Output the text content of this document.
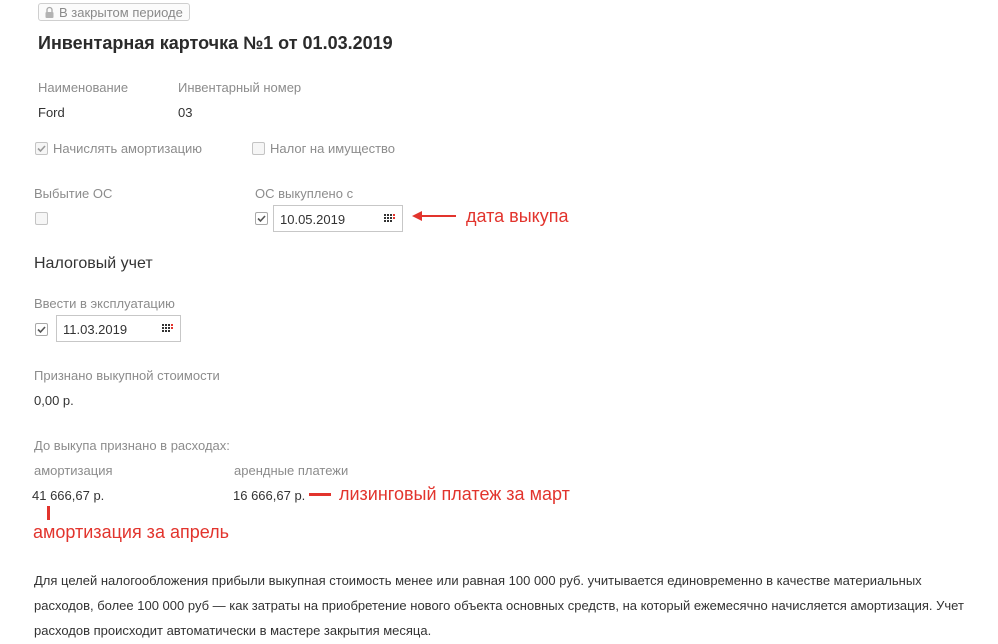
В закрытом периоде
Инвентарная карточка №1 от 01.03.2019
Наименование
Ford
Инвентарный номер
03
Начислять амортизацию	Налог на имущество
Выбытие ОС	ОС выкуплено с
10.05.2019	дата выкупа
Налоговый учет
Ввести в эксплуатацию
11.03.2019
Признано выкупной стоимости
0,00 р.
До выкупа признано в расходах:
амортизация
41 666,67 р.
арендные платежи
16 666,67 р. лизинговый платеж за март
амортизация за апрель
Для целей налогообложения прибыли выкупная стоимость менее или равная 100 000 руб. учитывается единовременно в качестве материальных расходов, более 100 000 руб — как затраты на приобретение нового объекта основных средств, на который ежемесячно начисляется амортизация. Учет расходов происходит автоматически в мастере закрытия месяца.
